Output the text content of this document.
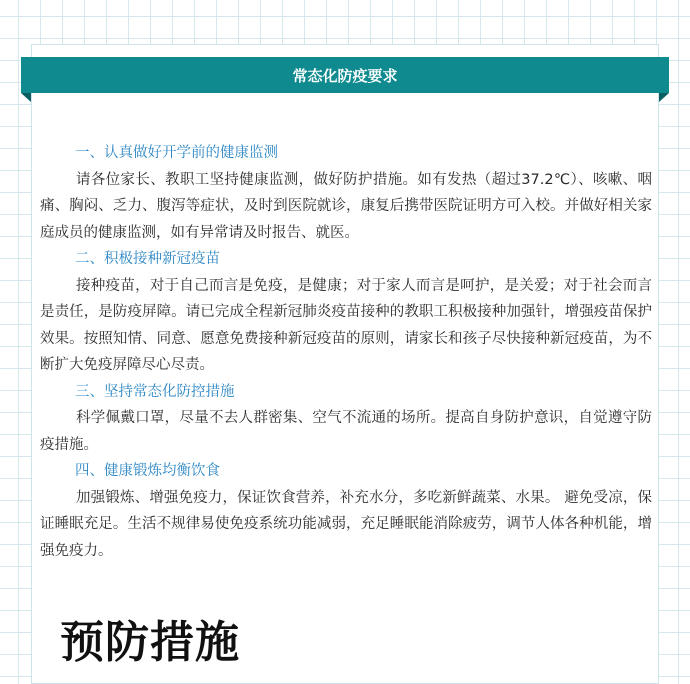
常态化防疫要求

一、认真做好开学前的健康监测

请各位家长、教职工坚持健康监测，做好防护措施。如有发热（超过37.2℃）、咳嗽、咽痛、胸闷、乏力、腹泻等症状，及时到医院就诊，康复后携带医院证明方可入校。并做好相关家庭成员的健康监测，如有异常请及时报告、就医。

二、积极接种新冠疫苗

接种疫苗，对于自己而言是免疫，是健康；对于家人而言是呵护，是关爱；对于社会而言是责任，是防疫屏障。请已完成全程新冠肺炎疫苗接种的教职工积极接种加强针，增强疫苗保护效果。按照知情、同意、愿意免费接种新冠疫苗的原则，请家长和孩子尽快接种新冠疫苗，为不断扩大免疫屏障尽心尽责。

三、坚持常态化防控措施

科学佩戴口罩，尽量不去人群密集、空气不流通的场所。提高自身防护意识，自觉遵守防疫措施。

四、健康锻炼均衡饮食

加强锻炼、增强免疫力，保证饮食营养，补充水分，多吃新鲜蔬菜、水果。 避免受凉，保证睡眠充足。生活不规律易使免疫系统功能减弱，充足睡眠能消除疲劳，调节人体各种机能，增强免疫力。

预防措施
